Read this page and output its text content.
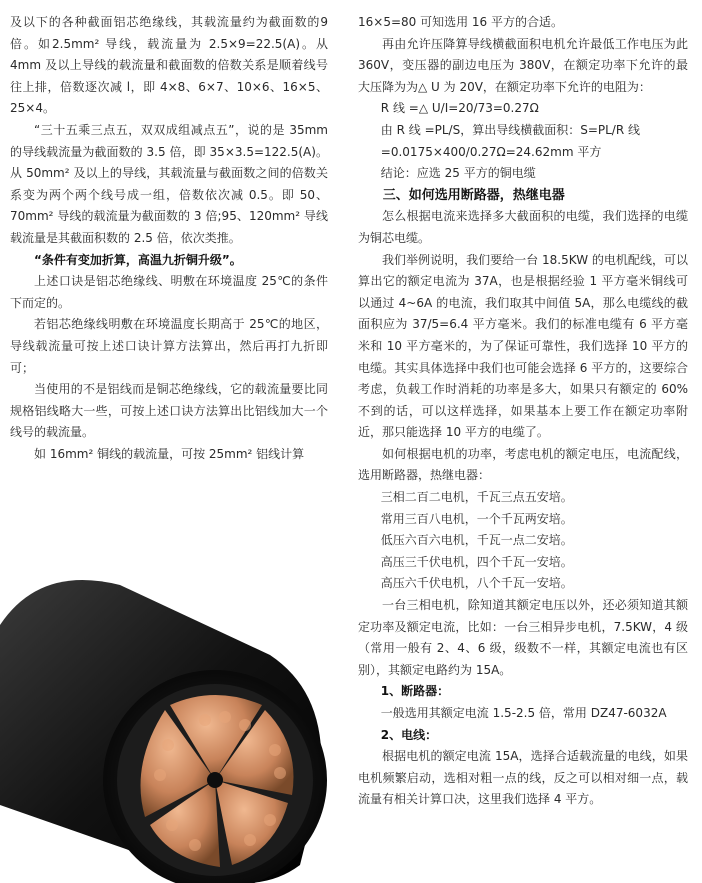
及以下的各种截面铝芯绝缘线，其载流量约为截面数的9倍。如2.5mm² 导线，载流量为 2.5×9=22.5(A)。从4mm 及以上导线的载流量和截面数的倍数关系是顺着线号往上排，倍数逐次减 l，即 4×8、6×7、10×6、16×5、25×4。

“三十五乘三点五，双双成组减点五”，说的是 35mm 的导线载流量为截面数的 3.5 倍，即 35×3.5=122.5(A)。从 50mm² 及以上的导线，其载流量与截面数之间的倍数关系变为两个两个线号成一组，倍数依次减 0.5。即 50、70mm² 导线的载流量为截面数的 3 倍;95、120mm² 导线载流量是其截面积数的 2.5 倍，依次类推。

“条件有变加折算，高温九折铜升级”。

上述口诀是铝芯绝缘线、明敷在环境温度 25℃的条件下而定的。

若铝芯绝缘线明敷在环境温度长期高于 25℃的地区，导线载流量可按上述口诀计算方法算出，然后再打九折即可；

当使用的不是铝线而是铜芯绝缘线，它的载流量要比同规格铝线略大一些，可按上述口诀方法算出比铝线加大一个线号的载流量。

如 16mm² 铜线的载流量，可按 25mm² 铝线计算

16×5=80 可知选用 16 平方的合适。

再由允许压降算导线横截面积电机允许最低工作电压为此 360V，变压器的副边电压为 380V，在额定功率下允许的最大压降为为△ U 为 20V，在额定功率下允许的电阻为：

R 线 =△ U/I=20/73=0.27Ω

由 R 线 =PL/S，算出导线横截面积：S=PL/R 线

=0.0175×400/0.27Ω=24.62mm 平方

结论：应选 25 平方的铜电缆

三、如何选用断路器，热继电器

怎么根据电流来选择多大截面积的电缆，我们选择的电缆为铜芯电缆。

我们举例说明，我们要给一台 18.5KW 的电机配线，可以算出它的额定电流为 37A，也是根据经验 1 平方毫米铜线可以通过 4~6A 的电流，我们取其中间值 5A，那么电缆线的截面积应为 37/5=6.4 平方毫米。我们的标准电缆有 6 平方毫米和 10 平方毫米的，为了保证可靠性，我们选择 10 平方的电缆。其实具体选择中我们也可能会选择 6 平方的，这要综合考虑，负载工作时消耗的功率是多大，如果只有额定的 60% 不到的话，可以这样选择，如果基本上要工作在额定功率附近，那只能选择 10 平方的电缆了。

如何根据电机的功率，考虑电机的额定电压，电流配线，选用断路器，热继电器：

三相二百二电机，千瓦三点五安培。

常用三百八电机，一个千瓦两安培。

低压六百六电机，千瓦一点二安培。

高压三千伏电机，四个千瓦一安培。

高压六千伏电机，八个千瓦一安培。

一台三相电机，除知道其额定电压以外，还必须知道其额定功率及额定电流，比如：一台三相异步电机，7.5KW，4 级（常用一般有 2、4、6 级，级数不一样，其额定电流也有区别），其额定电路约为 15A。

1、断路器：

一般选用其额定电流 1.5-2.5 倍，常用 DZ47-6032A

2、电线：

根据电机的额定电流 15A，选择合适载流量的电线，如果电机频繁启动，选相对粗一点的线，反之可以相对细一点，载流量有相关计算口决，这里我们选择 4 平方。
